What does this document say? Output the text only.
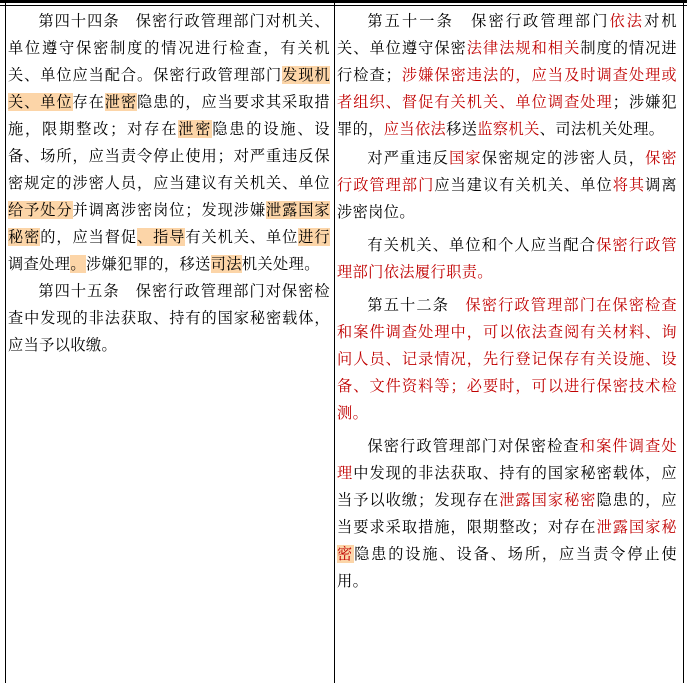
第四十四条　保密行政管理部门对机关、单位遵守保密制度的情况进行检查，有关机关、单位应当配合。保密行政管理部门发现机关、单位存在泄密隐患的，应当要求其采取措施，限期整改；对存在泄密隐患的设施、设备、场所，应当责令停止使用；对严重违反保密规定的涉密人员，应当建议有关机关、单位给予处分并调离涉密岗位；发现涉嫌泄露国家秘密的，应当督促、指导有关机关、单位进行调查处理。涉嫌犯罪的，移送司法机关处理。

第四十五条　保密行政管理部门对保密检查中发现的非法获取、持有的国家秘密载体，应当予以收缴。

第五十一条　保密行政管理部门依法对机关、单位遵守保密法律法规和相关制度的情况进行检查；涉嫌保密违法的，应当及时调查处理或者组织、督促有关机关、单位调查处理；涉嫌犯罪的，应当依法移送监察机关、司法机关处理。

对严重违反国家保密规定的涉密人员，保密行政管理部门应当建议有关机关、单位将其调离涉密岗位。

有关机关、单位和个人应当配合保密行政管理部门依法履行职责。

第五十二条　保密行政管理部门在保密检查和案件调查处理中，可以依法查阅有关材料、询问人员、记录情况，先行登记保存有关设施、设备、文件资料等；必要时，可以进行保密技术检测。

保密行政管理部门对保密检查和案件调查处理中发现的非法获取、持有的国家秘密载体，应当予以收缴；发现存在泄露国家秘密隐患的，应当要求采取措施，限期整改；对存在泄露国家秘密隐患的设施、设备、场所，应当责令停止使用。
